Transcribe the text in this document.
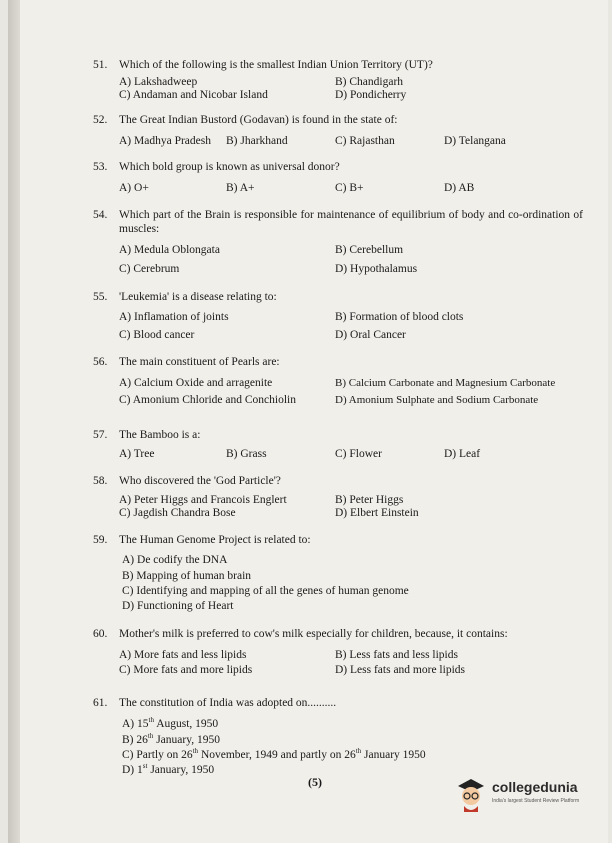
51. Which of the following is the smallest Indian Union Territory (UT)?
A) Lakshadweep	B) Chandigarh
C) Andaman and Nicobar Island	D) Pondicherry
52. The Great Indian Bustord (Godavan) is found in the state of:
A) Madhya Pradesh B) Jharkhand	C) Rajasthan	D) Telangana
53. Which bold group is known as universal donor?
A) O+	B) A+	C) B+	D) AB
54. Which part of the Brain is responsible for maintenance of equilibrium of body and co-ordination of muscles:
A) Medula Oblongata	B) Cerebellum
C) Cerebrum	D) Hypothalamus
55. 'Leukemia' is a disease relating to:
A) Inflamation of joints	B) Formation of blood clots
C) Blood cancer	D) Oral Cancer
56. The main constituent of Pearls are:
A) Calcium Oxide and arragenite	B) Calcium Carbonate and Magnesium Carbonate
C) Amonium Chloride and Conchiolin	D) Amonium Sulphate and Sodium Carbonate
57. The Bamboo is a:
A) Tree	B) Grass	C) Flower	D) Leaf
58. Who discovered the 'God Particle'?
A) Peter Higgs and Francois Englert	B) Peter Higgs
C) Jagdish Chandra Bose	D) Elbert Einstein
59. The Human Genome Project is related to:
A) De codify the DNA
B) Mapping of human brain
C) Identifying and mapping of all the genes of human genome
D) Functioning of Heart
60. Mother's milk is preferred to cow's milk especially for children, because, it contains:
A) More fats and less lipids	B) Less fats and less lipids
C) More fats and more lipids	D) Less fats and more lipids
61. The constitution of India was adopted on..........
A) 15th August, 1950
B) 26th January, 1950
C) Partly on 26th November, 1949 and partly on 26th January 1950
D) 1st January, 1950
(5)	collegedunia
India's largest Student Review Platform
